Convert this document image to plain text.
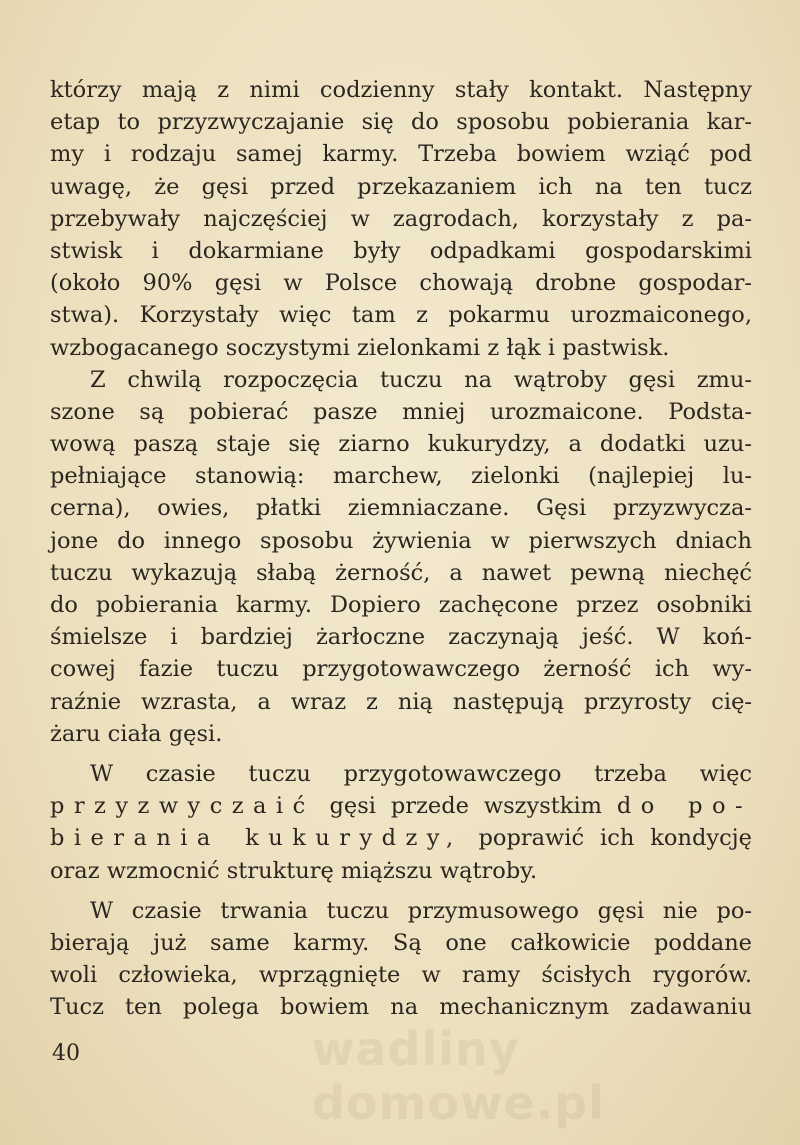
którzy mają z nimi codzienny stały kontakt. Następny
etap to przyzwyczajanie się do sposobu pobierania kar-
my i rodzaju samej karmy. Trzeba bowiem wziąć pod
uwagę, że gęsi przed przekazaniem ich na ten tucz
przebywały najczęściej w zagrodach, korzystały z pa-
stwisk i dokarmiane były odpadkami gospodarskimi
(około 90% gęsi w Polsce chowają drobne gospodar-
stwa). Korzystały więc tam z pokarmu urozmaiconego,
wzbogacanego soczystymi zielonkami z łąk i pastwisk.
Z chwilą rozpoczęcia tuczu na wątroby gęsi zmu-
szone są pobierać pasze mniej urozmaicone. Podsta-
wową paszą staje się ziarno kukurydzy, a dodatki uzu-
pełniające stanowią: marchew, zielonki (najlepiej lu-
cerna), owies, płatki ziemniaczane. Gęsi przyzwycza-
jone do innego sposobu żywienia w pierwszych dniach
tuczu wykazują słabą żerność, a nawet pewną niechęć
do pobierania karmy. Dopiero zachęcone przez osobniki
śmielsze i bardziej żarłoczne zaczynają jeść. W koń-
cowej fazie tuczu przygotowawczego żerność ich wy-
raźnie wzrasta, a wraz z nią następują przyrosty cię-
żaru ciała gęsi.
W czasie tuczu przygotowawczego trzeba więc
przyzwyczaić gęsi przede wszystkim do po-
bierania kukurydzy, poprawić ich kondycję
oraz wzmocnić strukturę miąższu wątroby.
W czasie trwania tuczu przymusowego gęsi nie po-
bierają już same karmy. Są one całkowicie poddane
woli człowieka, wprzągnięte w ramy ścisłych rygorów.
Tucz ten polega bowiem na mechanicznym zadawaniu
wadliny domowe.pl
40
